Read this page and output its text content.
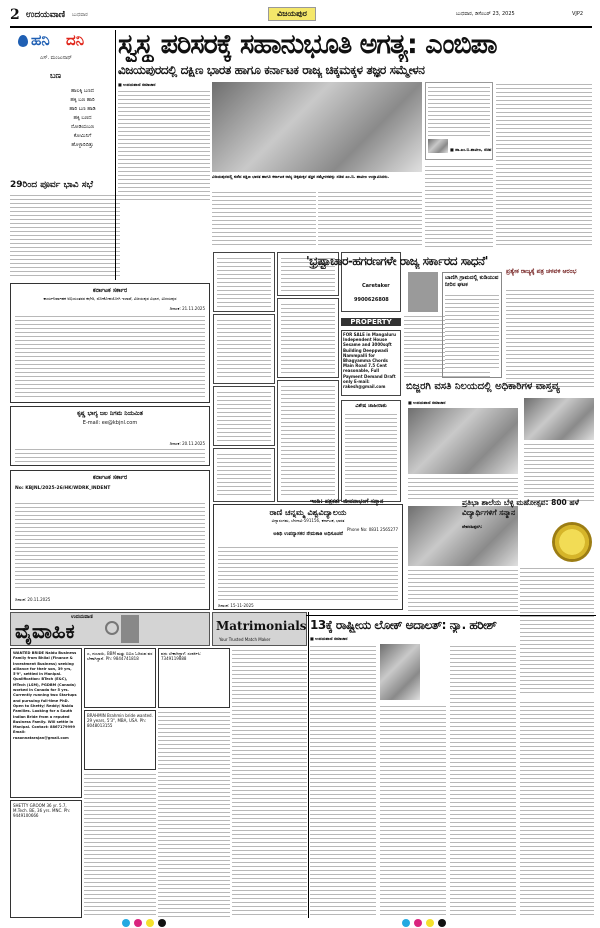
2 ಉದಯವಾಣಿ ಬುಧವಾರ	ವಿಜಯಪುರ	ಬುಧವಾರ, ಡಿಸೆಂಬರ್ 23, 2025	VJP2
ಹನಿ ದನಿ
ಎಸ್. ಮಂಜುನಾಥ್
ಬಣ
ಹಾಲಕ್ಕಿ ಬಣದ
ಹಕ್ಕಿ ಬಣ ಹಾರಿ
ಹಾರಿ ಬಣ ಹಾಡಿ
ಹಕ್ಕಿ ಬಣದ
ನೋಡಿಯಬಣ
ಕೋಮಿನಿಗೆ
ಹೊಳ್ಳಾರಿದಿತ್ತು
29ರಿಂದ ಪೂರ್ವ ಭಾವಿ ಸಭೆ
ಕರ್ನಾಟಕ ಸರ್ಕಾರ
ಕಾರ್ಯನಿರ್ವಾಹಕ ಅಭಿಯಂತರರ ಕಛೇರಿ, ಲೋಕೋಪಯೋಗಿ ಇಲಾಖೆ, ವಿಜಯಪುರ ವಿಭಾಗ, ವಿಜಯಪುರ
ದಿನಾಂಕ: 21.11.2025
ಕೃಷ್ಣ ಭಾಗ್ಯ ಜಲ ನಿಗಮ ನಿಯಮಿತ
E-mail: ee@kbjnl.com
ದಿನಾಂಕ: 20.11.2025
ಕರ್ನಾಟಕ ಸರ್ಕಾರ
No: KBJNL/2025-26/HK/WDRK_INDENT
ದಿನಾಂಕ: 20.11.2025
ಉದಯವಾಣಿ
ವೈವಾಹಿಕ	Matrimonials
Your Trusted Match Maker
WANTED BRIDE Naidu Business Family from Bhilai (Finance & Investment Business) seeking alliance for their son, 39 yrs, 5'9", settled in Manipal. Qualification: BTech (E&C), MTech (LSM), PGDBM (Canada) worked in Canada for 5 yrs. Currently running two Startups and pursuing full-time PhD. Open to Shetty/ Reddy/ Naidu Families. Looking for a South Indian Bride from a reputed Business Family. Will settle in Manipal. Contact: 8867179999 Email: raaonnatarajan@gmail.com
ಎ, ದುಬಾಯಿ, BBM ಮತ್ತು ಬಿಬಿಎ ಓದಿರುವ ವರ ಬೇಕಾಗಿದ್ದಾನೆ. Ph: 9844741818
ವಧು ಬೇಕಾಗಿದ್ದಾಳೆ: ಸಂಪರ್ಕಿಸಿ: 7349119888
SHETTY GROOM 36 yr. 5.7, M.Tech. BE, 36 yrs. MNC. Ph: 9449100666
BRAHMIN Brahmin bride wanted. 29 years, 5'3", MBA, USA. Ph: 8048013155
ಸ್ವಸ್ಥ ಪರಿಸರಕ್ಕೆ ಸಹಾನುಭೂತಿ ಅಗತ್ಯ: ಎಂಬಿಪಾ
ವಿಜಯಪುರದಲ್ಲಿ ದಕ್ಷಿಣ ಭಾರತ ಹಾಗೂ ಕರ್ನಾಟಕ ರಾಜ್ಯ ಚಿಕ್ಕಮಕ್ಕಳ ತಜ್ಞರ ಸಮ್ಮೇಳನ
■ ಉದಯವಾಣಿ ಸಮಾಚಾರ
ವಿಜಯಪುರದಲ್ಲಿ ನಡೆದ ದಕ್ಷಿಣ ಭಾರತ ಹಾಗೂ ಕರ್ನಾಟಕ ರಾಜ್ಯ ಚಿಕ್ಕಮಕ್ಕಳ ತಜ್ಞರ ಸಮ್ಮೇಳನವನ್ನು ಸಚಿವ ಎಂ.ಬಿ. ಪಾಟೀಲ ಉದ್ಘಾಟಿಸಿದರು.
■ ಡಾ.ಎಂ.ಬಿ.ಪಾಟೀಲ, ಸಚಿವ
Caretaker
9900626808
PROPERTY
FOR SALE in Mangaluru Independent House Sesame and 3000sqft Building Deeppwadi Nammpalli for Bhagyamma Chords Main Road 7.5 Cent reasonable, Full Payment Demand Draft only E-mail: rakesh@gmail.com
ವಿಶೇಷ ಜಾಹೀರಾತು
ರಾಣಿ ಚನ್ನಮ್ಮ ವಿಶ್ವವಿದ್ಯಾಲಯ
ವಿದ್ಯಾಸಂಗಮ, ಬೆಳಗಾವಿ-591156, ಕರ್ನಾಟಕ, ಭಾರತ
Phone No: 0831 2565277
ಅತಿಥಿ ಉಪನ್ಯಾಸಕರ ನೇಮಕಾತಿ ಅಧಿಸೂಚನೆ
ದಿನಾಂಕ: 15-11-2025
'ಭ್ರಷ್ಟಾಚಾರ-ಹಗರಣಗಳೇ ರಾಜ್ಯ ಸರ್ಕಾರದ ಸಾಧನೆ'
ಬಾಣಿಗಿ ಗ್ರಾಮದಲ್ಲಿ ಕುಡಿಯುವ ನೀರಿನ ಘಟಕ
ಪ್ರತ್ಯೇಕ ರಾಜ್ಯಕ್ಕೆ ಪತ್ರ ಚಳವಳಿ ಆರಂಭ
ಬಿಜ್ಜರಗಿ ವಸತಿ ನಿಲಯದಲ್ಲಿ ಅಧಿಕಾರಿಗಳ ವಾಸ್ತವ್ಯ
■ ಉದಯವಾಣಿ ಸಮಾಚಾರ
ಇಂಡಿ: ಪತ್ರಕರ್ತ ಜೀವನಾಭಂಗೆ ಸನ್ಮಾನ	ಪ್ರತಿಭಾ ಶಾಲೆಯ ಬೆಳ್ಳಿ ಮಹೋತ್ಸವ: 800 ಹಳೆ ವಿದ್ಯಾರ್ಥಿಗಳಿಗೆ ಸನ್ಮಾನ
ದೇವರಹಿಪ್ಪರಗಿ:
13ಕ್ಕೆ ರಾಷ್ಟ್ರೀಯ ಲೋಕ್ ಅದಾಲತ್: ನ್ಯಾ. ಹರೀಶ್
■ ಉದಯವಾಣಿ ಸಮಾಚಾರ
